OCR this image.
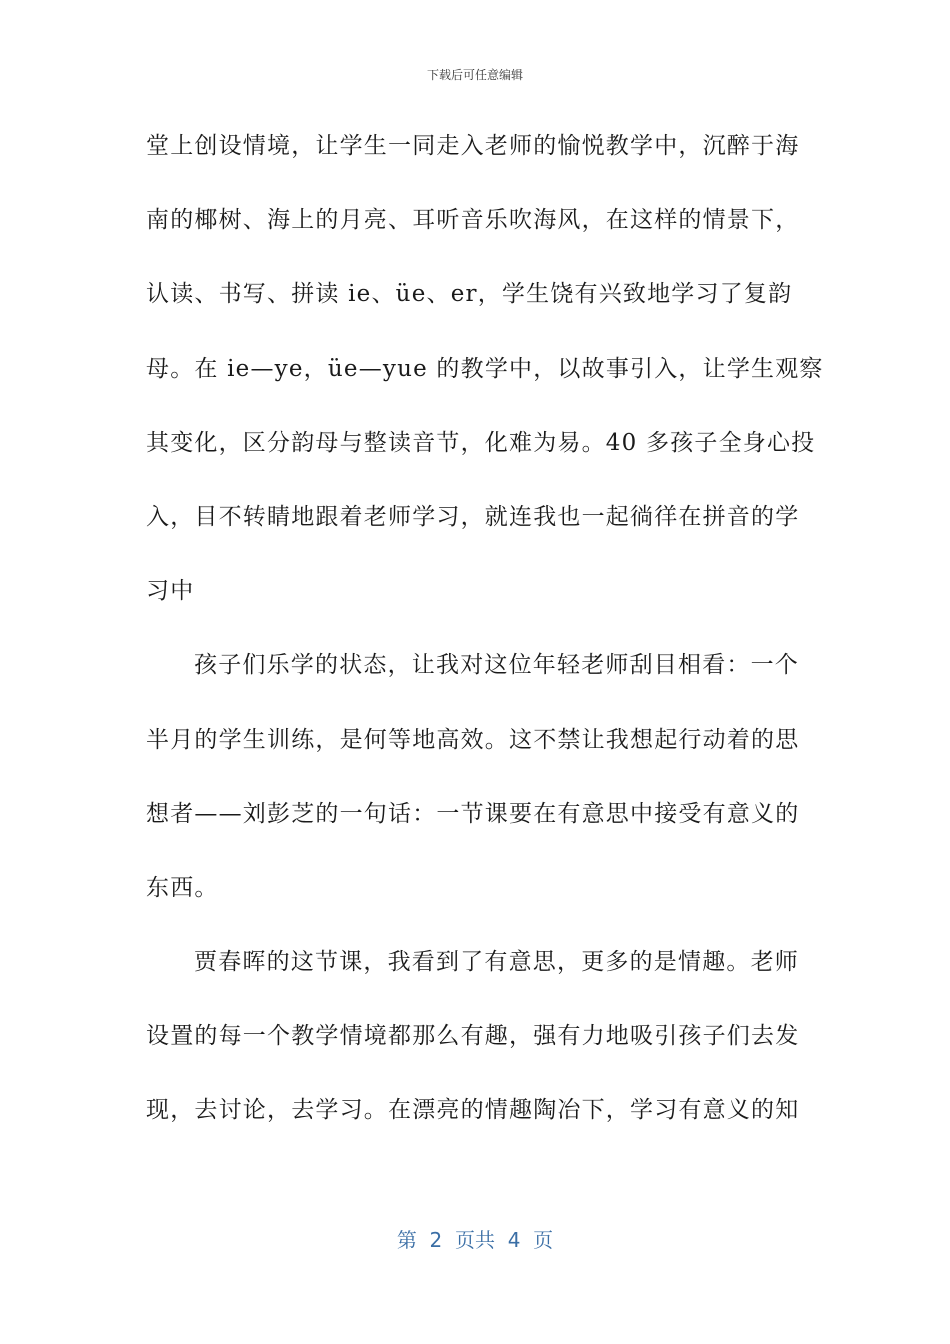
下载后可任意编辑
堂上创设情境，让学生一同走入老师的愉悦教学中，沉醉于海
南的椰树、海上的月亮、耳听音乐吹海风，在这样的情景下，
认读、书写、拼读 ie、üe、er，学生饶有兴致地学习了复韵
母。在 ie—ye，üe—yue 的教学中，以故事引入，让学生观察
其变化，区分韵母与整读音节，化难为易。40 多孩子全身心投
入，目不转睛地跟着老师学习，就连我也一起徜徉在拼音的学
习中
孩子们乐学的状态，让我对这位年轻老师刮目相看：一个
半月的学生训练，是何等地高效。这不禁让我想起行动着的思
想者——刘彭芝的一句话：一节课要在有意思中接受有意义的
东西。
贾春晖的这节课，我看到了有意思，更多的是情趣。老师
设置的每一个教学情境都那么有趣，强有力地吸引孩子们去发
现，去讨论，去学习。在漂亮的情趣陶冶下，学习有意义的知
第  2  页共  4  页
